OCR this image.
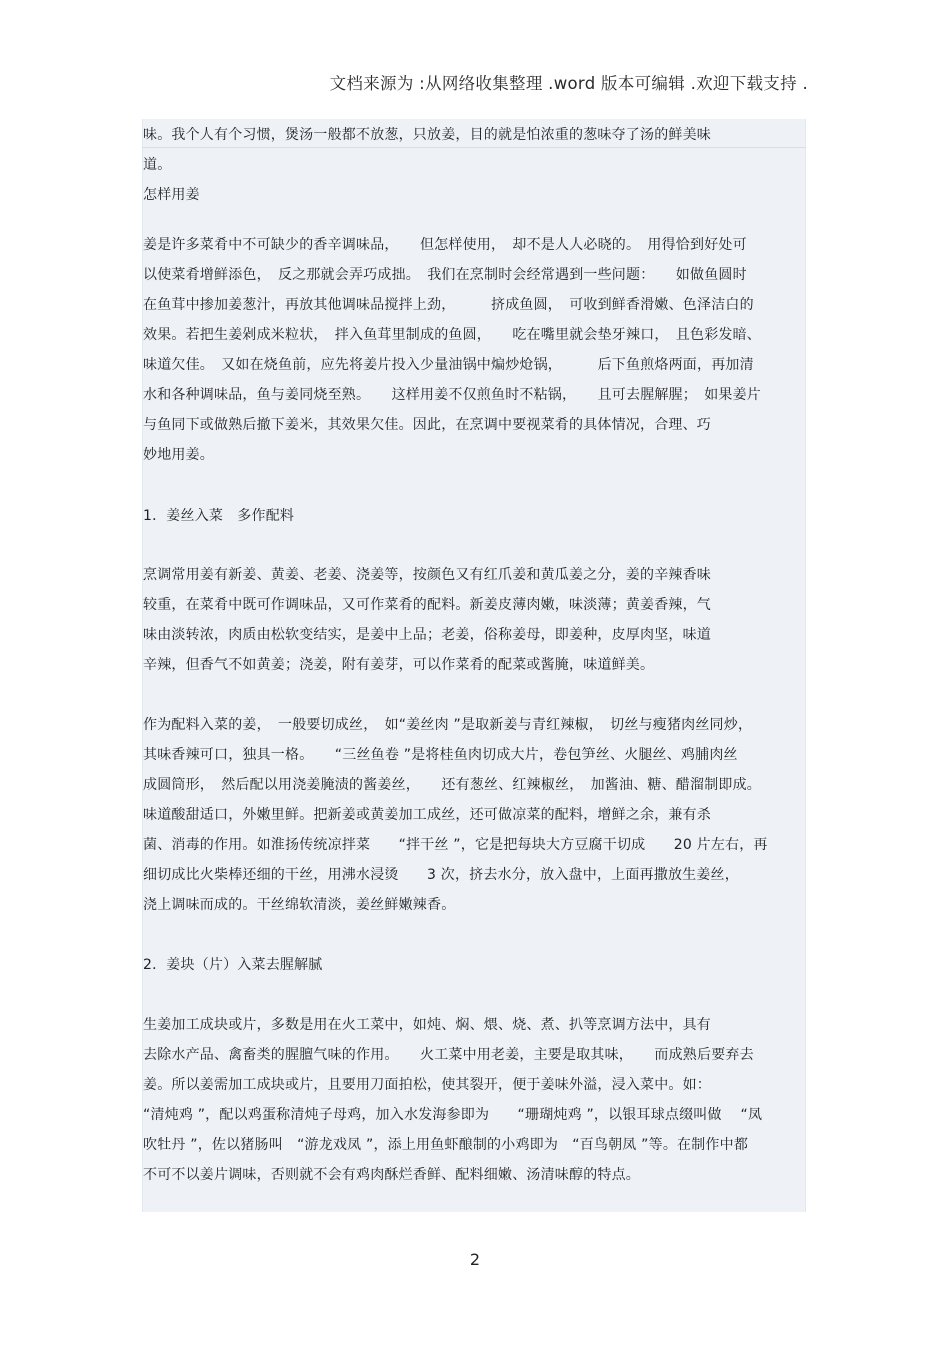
文档来源为 :从网络收集整理 .word 版本可编辑 .欢迎下载支持 .
味。我个人有个习惯，煲汤一般都不放葱，只放姜，目的就是怕浓重的葱味夺了汤的鲜美味
道。
怎样用姜
姜是许多菜肴中不可缺少的香辛调味品，　　但怎样使用，　却不是人人必晓的。　用得恰到好处可
以使菜肴增鲜添色，　反之那就会弄巧成拙。　我们在烹制时会经常遇到一些问题：　　如做鱼圆时
在鱼茸中掺加姜葱汁，再放其他调味品搅拌上劲，　　　挤成鱼圆，　可收到鲜香滑嫩、色泽洁白的
效果。若把生姜剁成米粒状，　拌入鱼茸里制成的鱼圆，　　吃在嘴里就会垫牙辣口，　且色彩发暗、
味道欠佳。　又如在烧鱼前，应先将姜片投入少量油锅中煸炒炝锅，　　　后下鱼煎烙两面，再加清
水和各种调味品，鱼与姜同烧至熟。　　这样用姜不仅煎鱼时不粘锅，　　且可去腥解腥；　如果姜片
与鱼同下或做熟后撤下姜米，其效果欠佳。因此，在烹调中要视菜肴的具体情况，合理、巧
妙地用姜。
1．姜丝入菜　多作配料
烹调常用姜有新姜、黄姜、老姜、浇姜等，按颜色又有红爪姜和黄瓜姜之分，姜的辛辣香味
较重，在菜肴中既可作调味品，又可作菜肴的配料。新姜皮薄肉嫩，味淡薄；黄姜香辣，气
味由淡转浓，肉质由松软变结实，是姜中上品；老姜，俗称姜母，即姜种，皮厚肉坚，味道
辛辣，但香气不如黄姜；浇姜，附有姜芽，可以作菜肴的配菜或酱腌，味道鲜美。
作为配料入菜的姜，　一般要切成丝，　如“姜丝肉 ”是取新姜与青红辣椒，　切丝与瘦猪肉丝同炒，
其味香辣可口，独具一格。　　“三丝鱼卷 ”是将桂鱼肉切成大片，卷包笋丝、火腿丝、鸡脯肉丝
成圆筒形，　然后配以用浇姜腌渍的酱姜丝，　　还有葱丝、红辣椒丝，　加酱油、糖、醋溜制即成。
味道酸甜适口，外嫩里鲜。把新姜或黄姜加工成丝，还可做凉菜的配料，增鲜之余，兼有杀
菌、消毒的作用。如淮扬传统凉拌菜　　“拌干丝 ”，它是把每块大方豆腐干切成　　20 片左右，再
细切成比火柴棒还细的干丝，用沸水浸烫　　3 次，挤去水分，放入盘中，上面再撒放生姜丝，
浇上调味而成的。干丝绵软清淡，姜丝鲜嫩辣香。
2．姜块（片）入菜去腥解腻
生姜加工成块或片，多数是用在火工菜中，如炖、焖、煨、烧、煮、扒等烹调方法中，具有
去除水产品、禽畜类的腥膻气味的作用。　　火工菜中用老姜，主要是取其味，　　而成熟后要弃去
姜。所以姜需加工成块或片，且要用刀面拍松，使其裂开，便于姜味外溢，浸入菜中。如：
“清炖鸡 ”，配以鸡蛋称清炖子母鸡，加入水发海参即为　　“珊瑚炖鸡 ”，以银耳球点缀叫做　 “凤
吹牡丹 ”，佐以猪肠叫　“游龙戏凤 ”，添上用鱼虾酿制的小鸡即为　“百鸟朝凤 ”等。在制作中都
不可不以姜片调味，否则就不会有鸡肉酥烂香鲜、配料细嫩、汤清味醇的特点。
2
